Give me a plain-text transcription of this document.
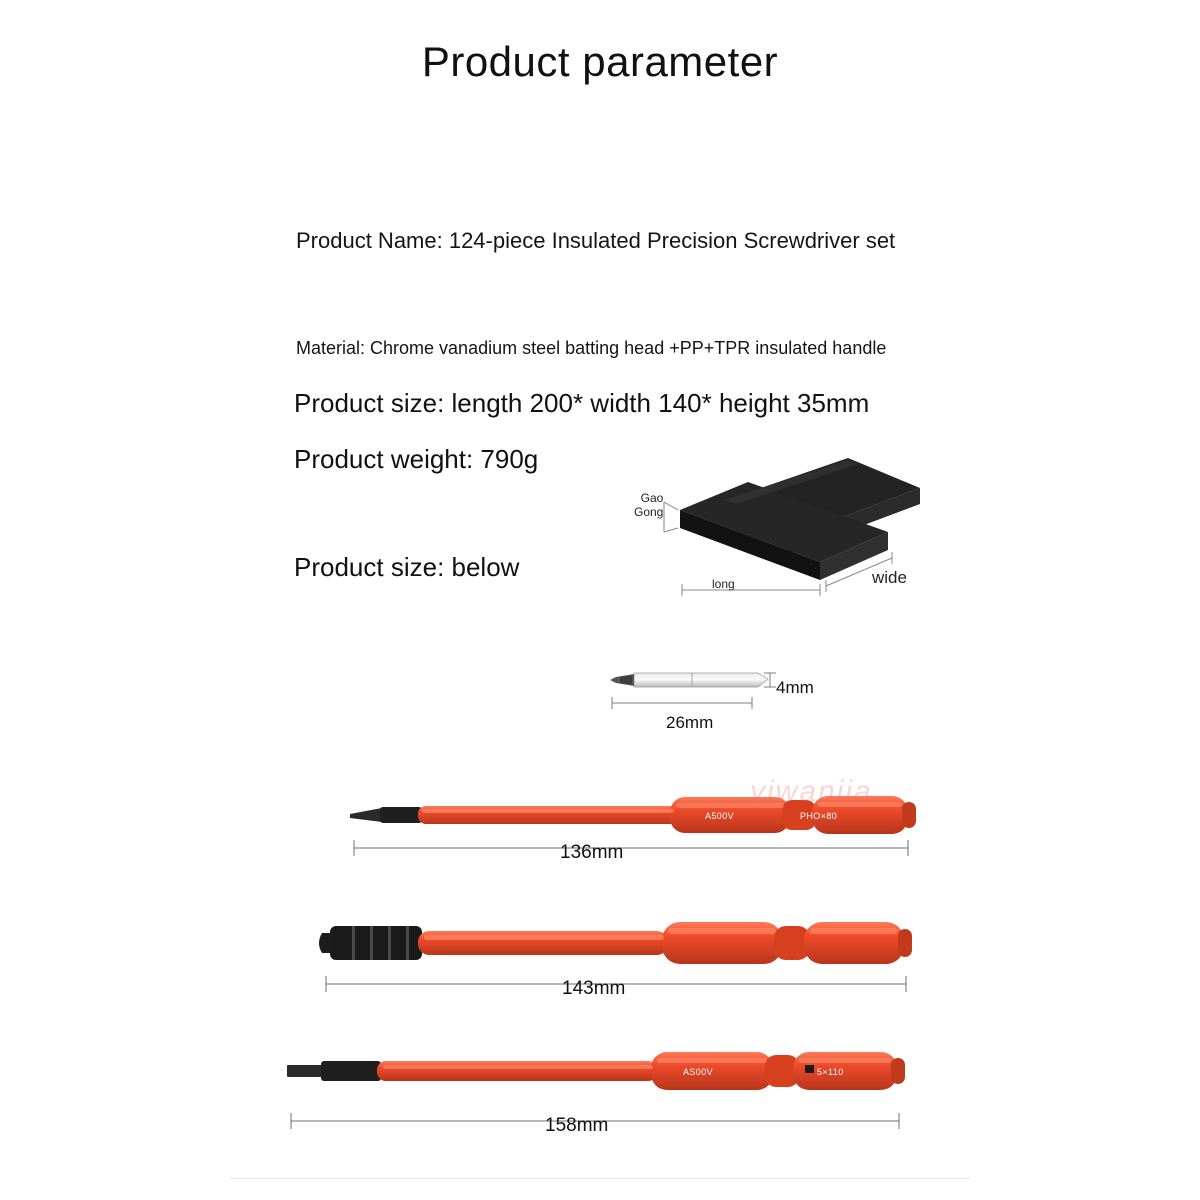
Product parameter
Product Name: 124-piece Insulated Precision Screwdriver set
Material: Chrome vanadium steel batting head +PP+TPR insulated handle
Product size: length 200* width 140* height 35mm
Product weight: 790g
Product size: below
Gao
Gong
long	wide
26mm
4mm
yiwanjia
A500V	PHO×80
136mm
143mm
AS00V	5×110
158mm
